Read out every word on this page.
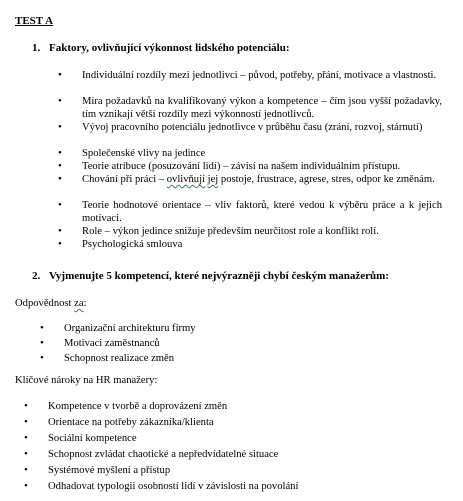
TEST A
1. Faktory, ovlivňující výkonnost lidského potenciálu:
• Individuální rozdíly mezi jednotlivci – původ, potřeby, přání, motivace a vlastnosti.
• Míra požadavků na kvalifikovaný výkon a kompetence – čím jsou vyšší požadavky, tím vznikají větší rozdíly mezi výkonností jednotlivců.
• Vývoj pracovního potenciálu jednotlivce v průběhu času (zrání, rozvoj, stárnutí)
• Společenské vlivy na jedince
• Teorie atribuce (posuzování lidí) – závisí na našem individuálním přístupu.
• Chování při práci – ovlivňují jej postoje, frustrace, agrese, stres, odpor ke změnám.
• Teorie hodnotové orientace – vliv faktorů, které vedou k výběru práce a k jejich motivaci.
• Role – výkon jedince snižuje především neurčitost role a konflikt rolí.
• Psychologická smlouva
2. Vyjmenujte 5 kompetencí, které nejvýrazněji chybí českým manažerům:
Odpovědnost za:
• Organizační architekturu firmy
• Motivaci zaměstnanců
• Schopnost realizace změn
Klíčové nároky na HR manažery:
• Kompetence v tvorbě a doprovázení změn
• Orientace na potřeby zákazníka/klienta
• Sociální kompetence
• Schopnost zvládat chaotické a nepředvídatelné situace
• Systémové myšlení a přístup
• Odhadovat typologii osobností lidí v závislosti na povolání
